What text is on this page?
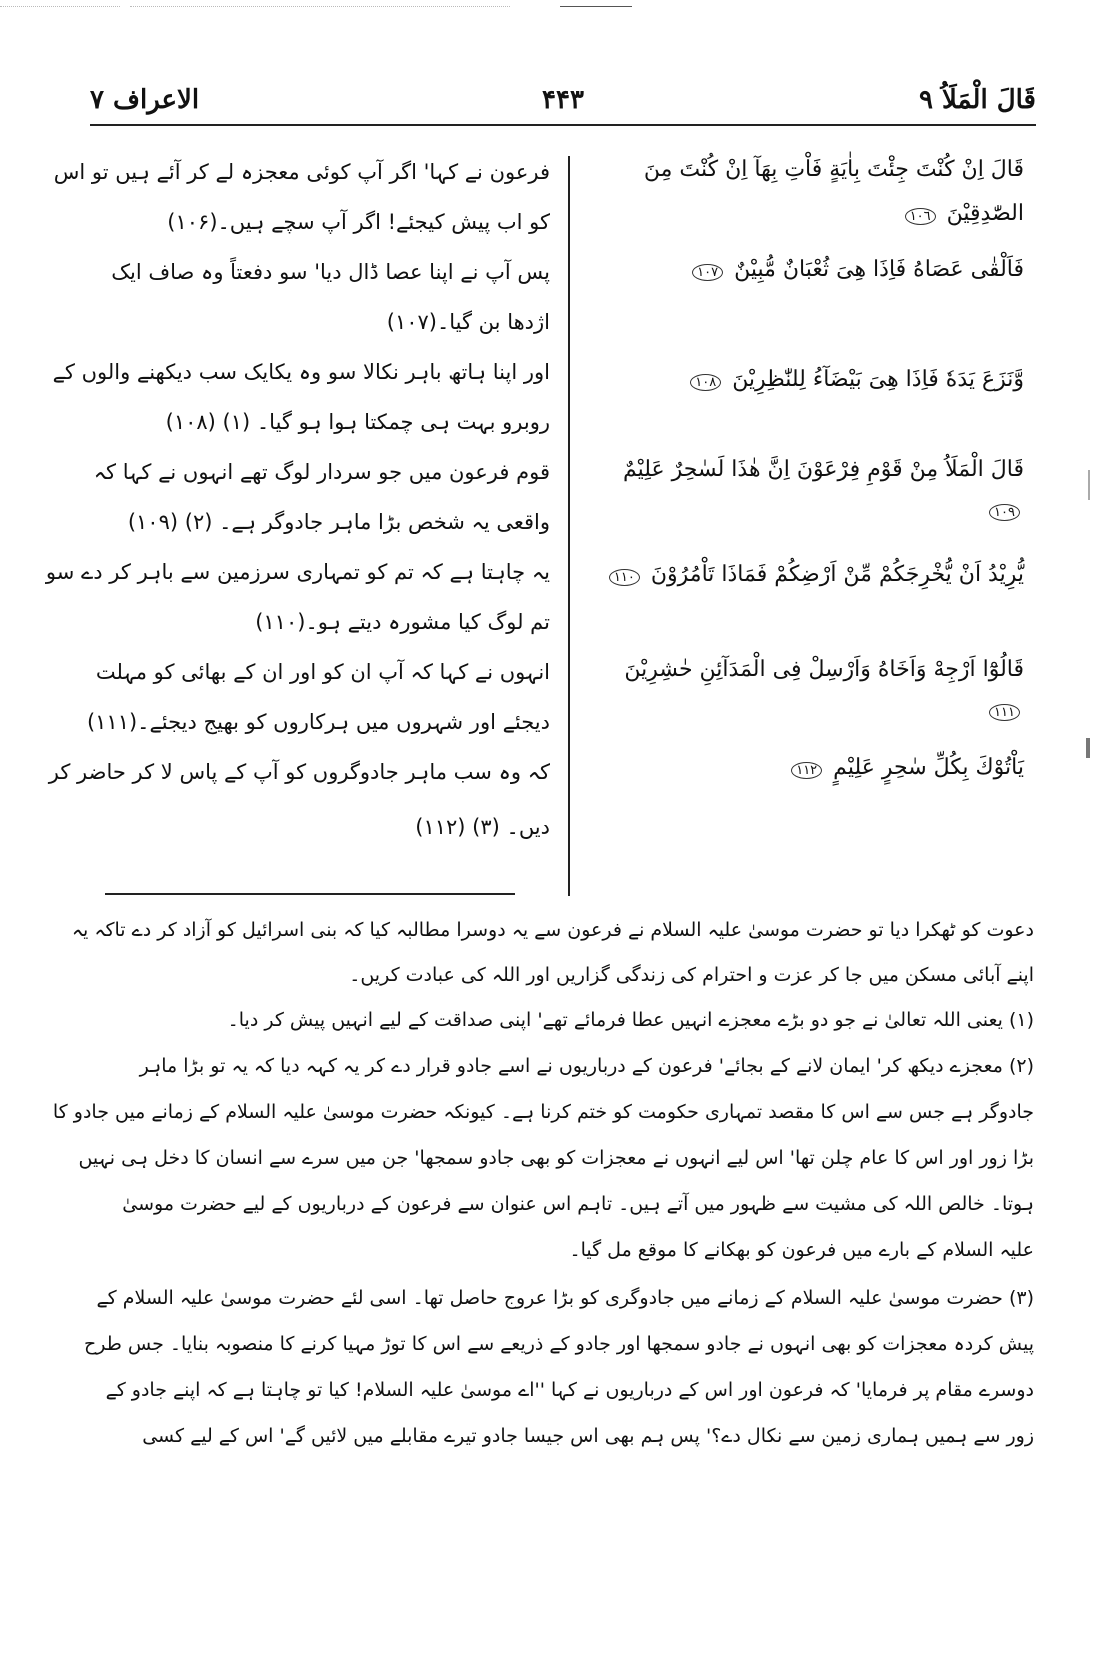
الاعراف ۷	۴۴۳	قَالَ الْمَلَاُ ۹
قَالَ اِنْ كُنْتَ جِئْتَ بِاٰيَةٍ فَاْتِ بِهَآ اِنْ كُنْتَ مِنَ
الصّٰدِقِيْنَ ١٠٦
فَاَلْقٰى عَصَاهُ فَاِذَا هِىَ ثُعْبَانٌ مُّبِيْنٌ ١٠٧
وَّنَزَعَ يَدَهٗ فَاِذَا هِىَ بَيْضَآءُ لِلنّٰظِرِيْنَ ١٠٨
قَالَ الْمَلَاُ مِنْ قَوْمِ فِرْعَوْنَ اِنَّ هٰذَا لَسٰحِرٌ عَلِيْمٌ ١٠٩
يُّرِيْدُ اَنْ يُّخْرِجَكُمْ مِّنْ اَرْضِكُمْ فَمَاذَا تَاْمُرُوْنَ ١١٠
قَالُوْٓا اَرْجِهْ وَاَخَاهُ وَاَرْسِلْ فِى الْمَدَآئِنِ حٰشِرِيْنَ ١١١
يَاْتُوْكَ بِكُلِّ سٰحِرٍ عَلِيْمٍ ١١٢
فرعون نے کہا' اگر آپ کوئی معجزہ لے کر آئے ہیں تو اس
کو اب پیش کیجئے! اگر آپ سچے ہیں۔(۱۰۶)
پس آپ نے اپنا عصا ڈال دیا' سو دفعتاً وہ صاف ایک
اژدھا بن گیا۔(۱۰۷)
اور اپنا ہاتھ باہر نکالا سو وہ یکایک سب دیکھنے والوں کے
روبرو بہت ہی چمکتا ہوا ہو گیا۔ (۱) (۱۰۸)
قوم فرعون میں جو سردار لوگ تھے انہوں نے کہا کہ
واقعی یہ شخص بڑا ماہر جادوگر ہے۔ (۲) (۱۰۹)
یہ چاہتا ہے کہ تم کو تمہاری سرزمین سے باہر کر دے سو
تم لوگ کیا مشورہ دیتے ہو۔(۱۱۰)
انہوں نے کہا کہ آپ ان کو اور ان کے بھائی کو مہلت
دیجئے اور شہروں میں ہرکاروں کو بھیج دیجئے۔(۱۱۱)
کہ وہ سب ماہر جادوگروں کو آپ کے پاس لا کر حاضر کر
دیں۔ (۳) (۱۱۲)
دعوت کو ٹھکرا دیا تو حضرت موسیٰ علیہ السلام نے فرعون سے یہ دوسرا مطالبہ کیا کہ بنی اسرائیل کو آزاد کر دے تاکہ یہ
اپنے آبائی مسکن میں جا کر عزت و احترام کی زندگی گزاریں اور اللہ کی عبادت کریں۔
(۱) یعنی اللہ تعالیٰ نے جو دو بڑے معجزے انہیں عطا فرمائے تھے' اپنی صداقت کے لیے انہیں پیش کر دیا۔
(۲) معجزے دیکھ کر' ایمان لانے کے بجائے' فرعون کے درباریوں نے اسے جادو قرار دے کر یہ کہہ دیا کہ یہ تو بڑا ماہر
جادوگر ہے جس سے اس کا مقصد تمہاری حکومت کو ختم کرنا ہے۔ کیونکہ حضرت موسیٰ علیہ السلام کے زمانے میں جادو کا
بڑا زور اور اس کا عام چلن تھا' اس لیے انہوں نے معجزات کو بھی جادو سمجھا' جن میں سرے سے انسان کا دخل ہی نہیں
ہوتا۔ خالص اللہ کی مشیت سے ظہور میں آتے ہیں۔ تاہم اس عنوان سے فرعون کے درباریوں کے لیے حضرت موسیٰ
علیہ السلام کے بارے میں فرعون کو بھکانے کا موقع مل گیا۔
(۳) حضرت موسیٰ علیہ السلام کے زمانے میں جادوگری کو بڑا عروج حاصل تھا۔ اسی لئے حضرت موسیٰ علیہ السلام کے
پیش کردہ معجزات کو بھی انہوں نے جادو سمجھا اور جادو کے ذریعے سے اس کا توڑ مہیا کرنے کا منصوبہ بنایا۔ جس طرح
دوسرے مقام پر فرمایا' کہ فرعون اور اس کے درباریوں نے کہا ''اے موسیٰ علیہ السلام! کیا تو چاہتا ہے کہ اپنے جادو کے
زور سے ہمیں ہماری زمین سے نکال دے؟' پس ہم بھی اس جیسا جادو تیرے مقابلے میں لائیں گے' اس کے لیے کسی
